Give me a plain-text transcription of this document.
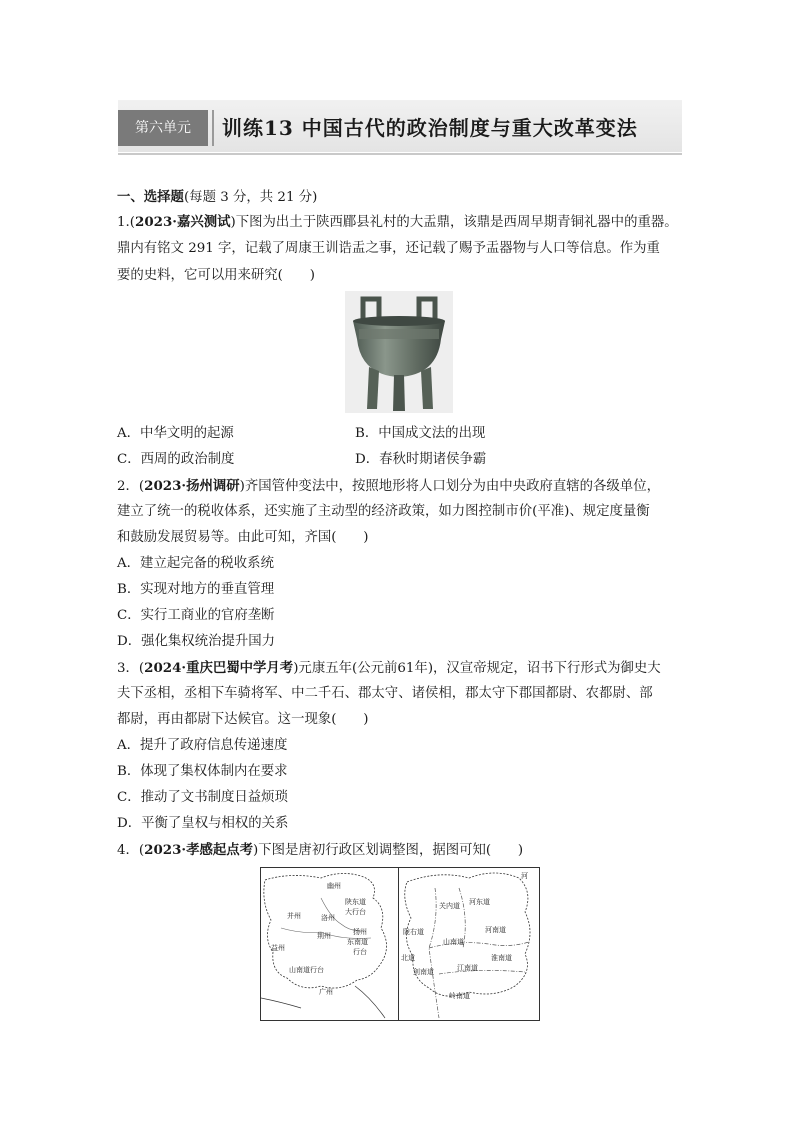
第六单元	训练13 中国古代的政治制度与重大改革变法
一、选择题(每题 3 分，共 21 分)
1.(2023·嘉兴测试)下图为出土于陕西郿县礼村的大盂鼎，该鼎是西周早期青铜礼器中的重器。
鼎内有铭文 291 字，记载了周康王训诰盂之事，还记载了赐予盂器物与人口等信息。作为重
要的史料，它可以用来研究(　　)
A．中华文明的起源	B．中国成文法的出现
C．西周的政治制度	D．春秋时期诸侯争霸
2．(2023·扬州调研)齐国管仲变法中，按照地形将人口划分为由中央政府直辖的各级单位，
建立了统一的税收体系，还实施了主动型的经济政策，如力图控制市价(平准)、规定度量衡
和鼓励发展贸易等。由此可知，齐国(　　)
A．建立起完备的税收系统
B．实现对地方的垂直管理
C．实行工商业的官府垄断
D．强化集权统治提升国力
3．(2024·重庆巴蜀中学月考)元康五年(公元前61年)，汉宣帝规定，诏书下行形式为御史大
夫下丞相，丞相下车骑将军、中二千石、郡太守、诸侯相，郡太守下郡国都尉、农都尉、部
都尉，再由都尉下达候官。这一现象(　　)
A．提升了政府信息传递速度
B．体现了集权体制内在要求
C．推动了文书制度日益烦琐
D．平衡了皇权与相权的关系
4．(2023·孝感起点考)下图是唐初行政区划调整图，据图可知(　　)
幽州
陕东道
大行台
洛州
荆州
并州
益州
山南道行台
广州
扬州
东南道
行台
河
关内道 河东道
河南道
山南道
淮南道
陇右道
剑南道	江南道
岭南道
北道
